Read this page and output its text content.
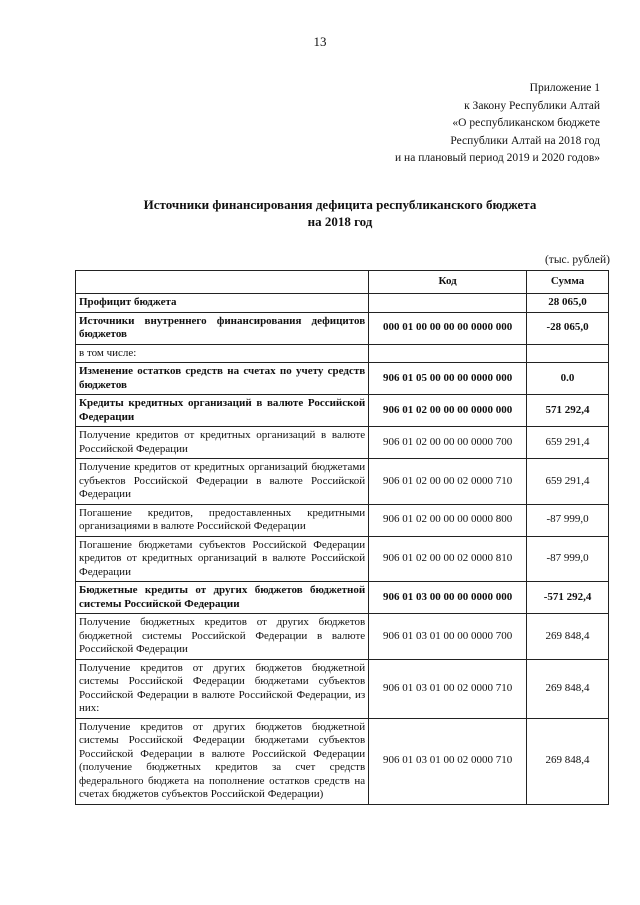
13
Приложение 1
к Закону Республики Алтай
«О республиканском бюджете
Республики Алтай на 2018 год
и на плановый период 2019 и 2020 годов»
Источники финансирования дефицита республиканского бюджета
на 2018 год
(тыс. рублей)
	Код	Сумма
Профицит бюджета		28 065,0
Источники внутреннего финансирования дефицитов бюджетов	000 01 00 00 00 00 0000 000	-28 065,0
в том числе:		
Изменение остатков средств на счетах по учету средств бюджетов	906 01 05 00 00 00 0000 000	0.0
Кредиты кредитных организаций в валюте Российской Федерации	906 01 02 00 00 00 0000 000	571 292,4
Получение кредитов от кредитных организаций в валюте Российской Федерации	906 01 02 00 00 00 0000 700	659 291,4
Получение кредитов от кредитных организаций бюджетами субъектов Российской Федерации в валюте Российской Федерации	906 01 02 00 00 02 0000 710	659 291,4
Погашение кредитов, предоставленных кредитными организациями в валюте Российской Федерации	906 01 02 00 00 00 0000 800	-87 999,0
Погашение бюджетами субъектов Российской Федерации кредитов от кредитных организаций в валюте Российской Федерации	906 01 02 00 00 02 0000 810	-87 999,0
Бюджетные кредиты от других бюджетов бюджетной системы Российской Федерации	906 01 03 00 00 00 0000 000	-571 292,4
Получение бюджетных кредитов от других бюджетов бюджетной системы Российской Федерации в валюте Российской Федерации	906 01 03 01 00 00 0000 700	269 848,4
Получение кредитов от других бюджетов бюджетной системы Российской Федерации бюджетами субъектов Российской Федерации в валюте Российской Федерации, из них:	906 01 03 01 00 02 0000 710	269 848,4
Получение кредитов от других бюджетов бюджетной системы Российской Федерации бюджетами субъектов Российской Федерации в валюте Российской Федерации (получение бюджетных кредитов за счет средств федерального бюджета на пополнение остатков средств на счетах бюджетов субъектов Российской Федерации)	906 01 03 01 00 02 0000 710	269 848,4
